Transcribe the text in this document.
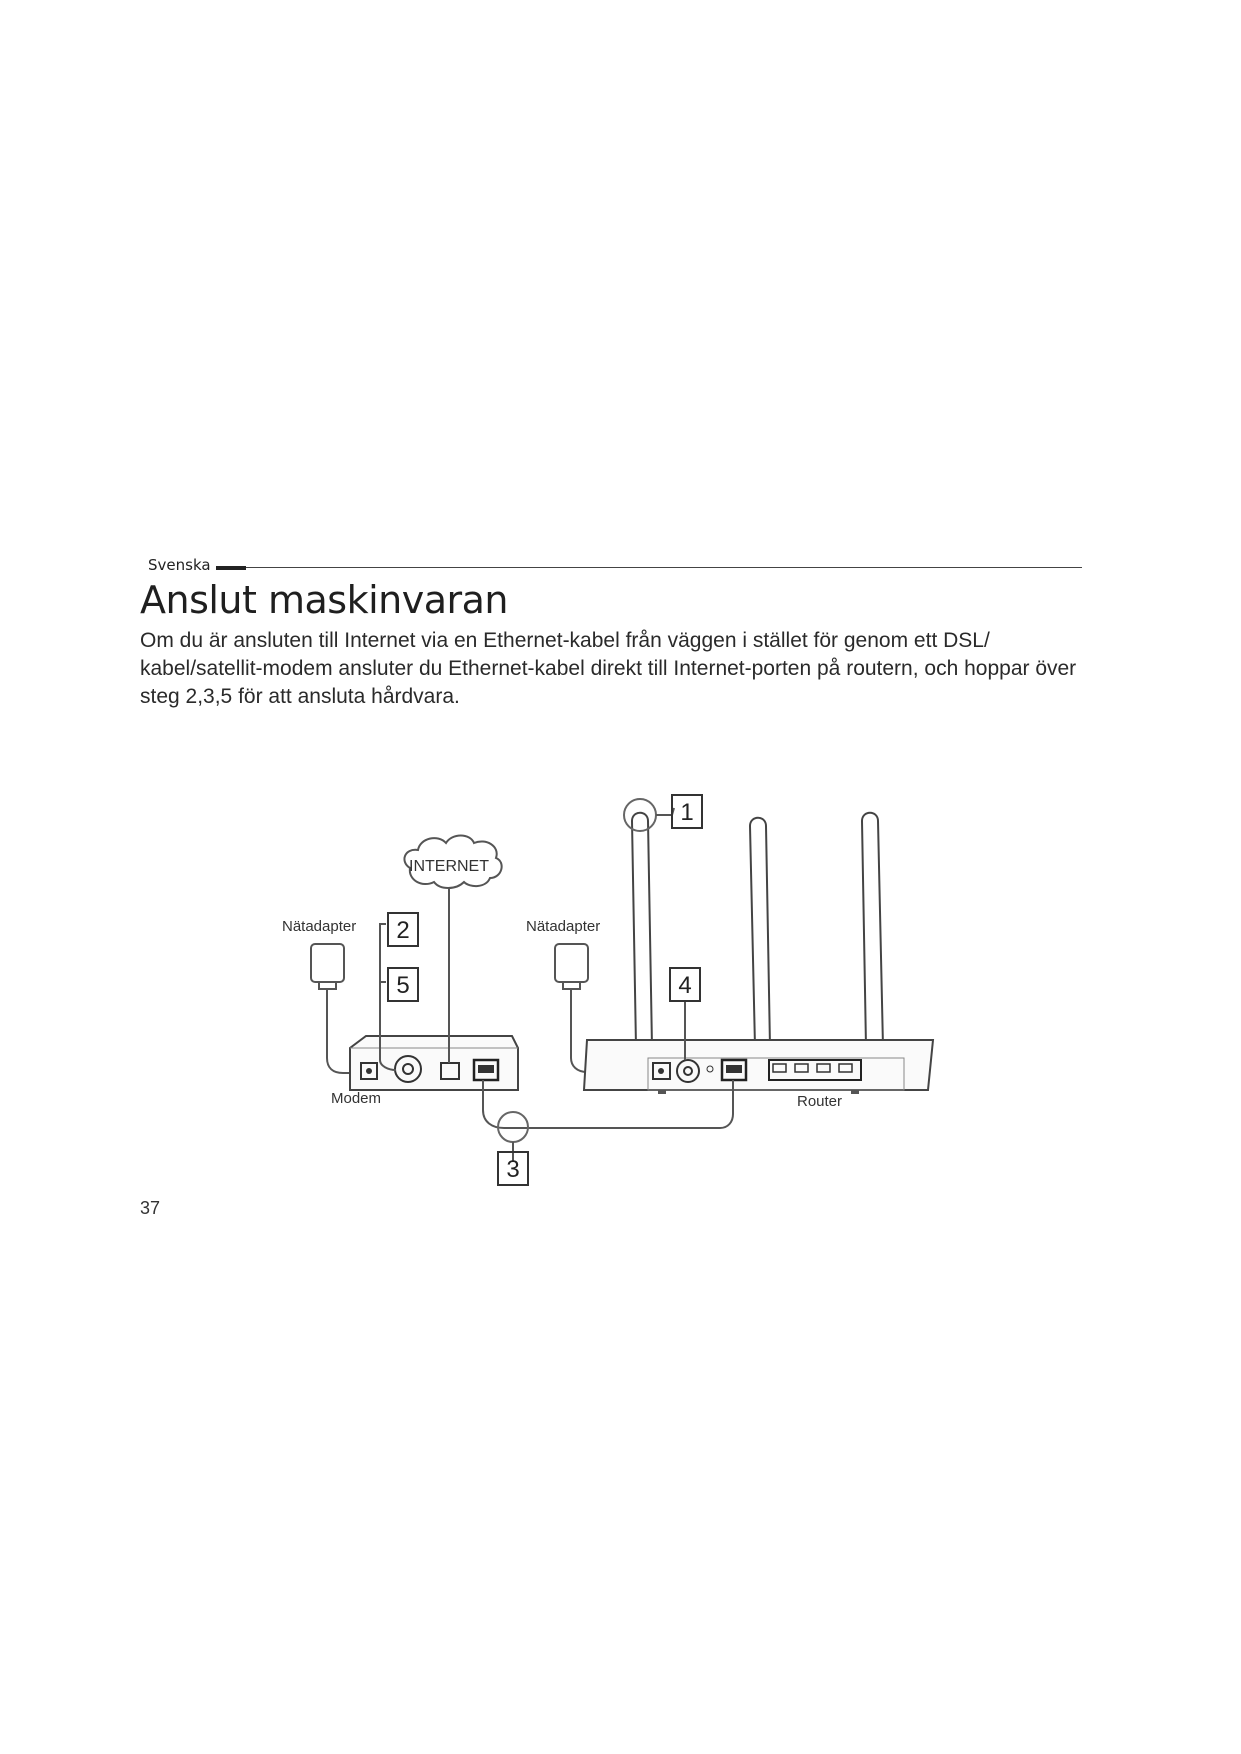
Svenska
Anslut maskinvaran

Om du är ansluten till Internet via en Ethernet-kabel från väggen i stället för genom ett DSL/ kabel/satellit-modem ansluter du Ethernet-kabel direkt till Internet-porten på routern, och hoppar över steg 2,3,5 för att ansluta hårdvara.

INTERNET
Nätadapter	Nätadapter
Modem	Router
1
2
3
4
5
37
